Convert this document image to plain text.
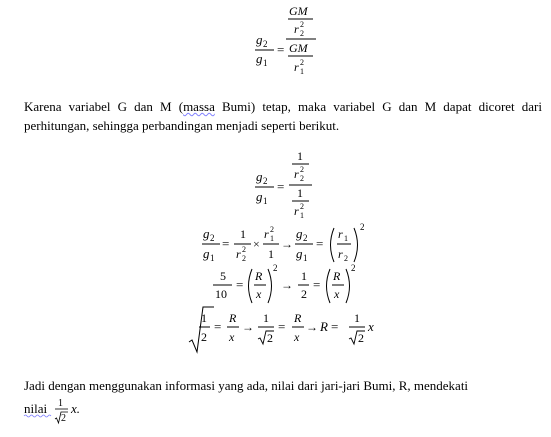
Karena variabel G dan M (massa Bumi) tetap, maka variabel G dan M dapat dicoret dari perhitungan, sehingga perbandingan menjadi seperti berikut.
Jadi dengan menggunakan informasi yang ada, nilai dari jari-jari Bumi, R, mendekati
g 2
g 1
=
GM
r 2
2
GM
r 2
1
g 2
g 1
=
1
r 2
2
1
r 2
1
g 2
g 1
=
1
r 2
2
×
r 2
1
1
→
g 2
g 1
=
r 1
r 2
2
5
10
=
R
x
2
→
1
2
=
R
x
2
1
2
=
R
x
→
1
2
=
R
x
→ R =
1
2
x
nilai 1
2
x.
